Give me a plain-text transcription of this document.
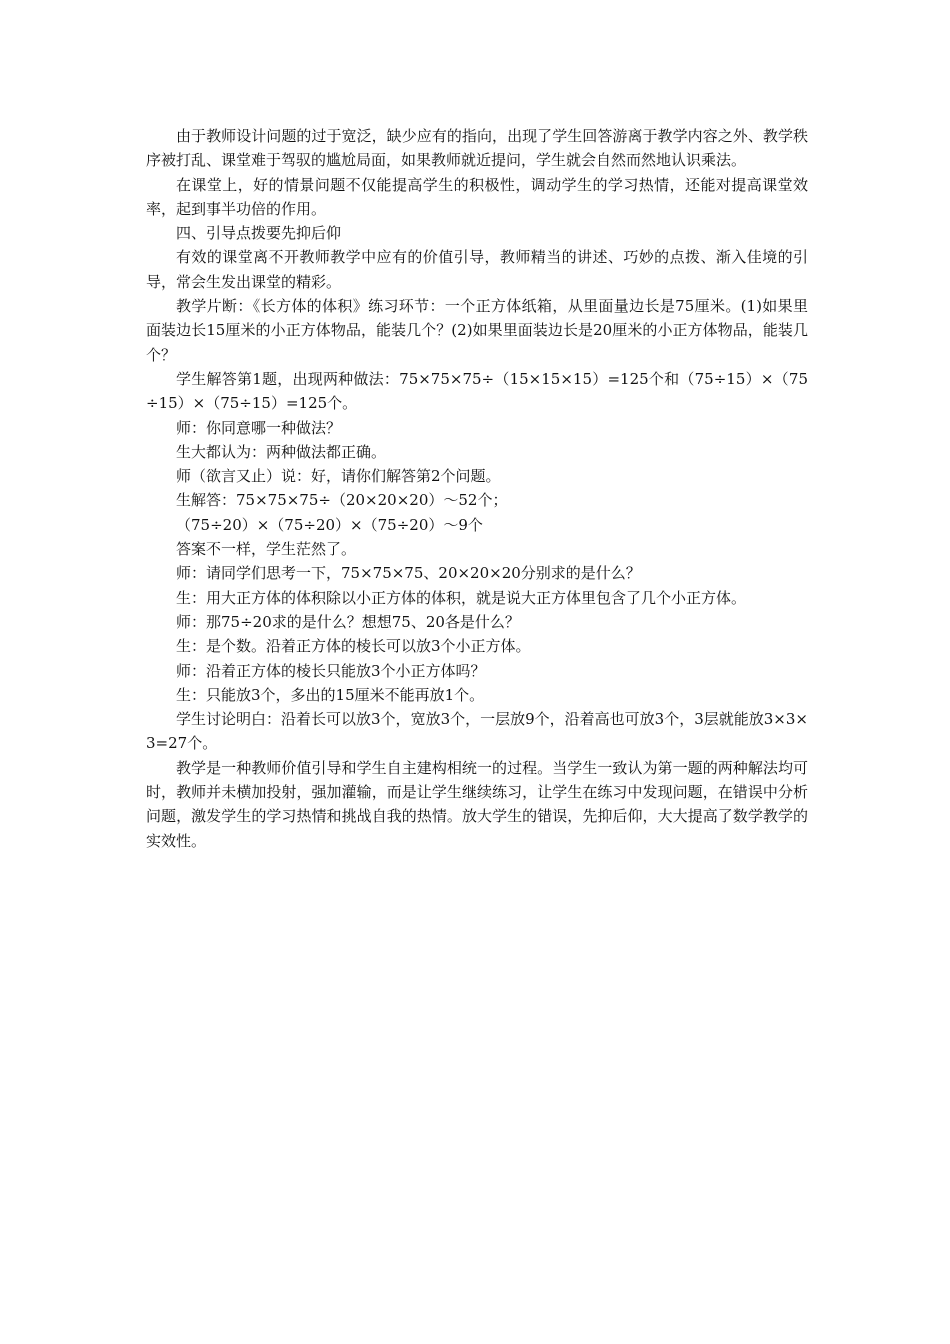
由于教师设计问题的过于宽泛，缺少应有的指向，出现了学生回答游离于教学内容之外、教学秩序被打乱、课堂难于驾驭的尴尬局面，如果教师就近提问，学生就会自然而然地认识乘法。

在课堂上，好的情景问题不仅能提高学生的积极性，调动学生的学习热情，还能对提高课堂效率，起到事半功倍的作用。

四、引导点拨要先抑后仰

有效的课堂离不开教师教学中应有的价值引导，教师精当的讲述、巧妙的点拨、渐入佳境的引导，常会生发出课堂的精彩。

教学片断：《长方体的体积》练习环节：一个正方体纸箱，从里面量边长是75厘米。(1)如果里面装边长15厘米的小正方体物品，能装几个？(2)如果里面装边长是20厘米的小正方体物品，能装几个？

学生解答第1题，出现两种做法：75×75×75÷（15×15×15）=125个和（75÷15）×（75÷15）×（75÷15）=125个。

师：你同意哪一种做法？

生大都认为：两种做法都正确。

师（欲言又止）说：好，请你们解答第2个问题。

生解答：75×75×75÷（20×20×20）～52个；

（75÷20）×（75÷20）×（75÷20）～9个

答案不一样，学生茫然了。

师：请同学们思考一下，75×75×75、20×20×20分别求的是什么？

生：用大正方体的体积除以小正方体的体积，就是说大正方体里包含了几个小正方体。

师：那75÷20求的是什么？想想75、20各是什么？

生：是个数。沿着正方体的棱长可以放3个小正方体。

师：沿着正方体的棱长只能放3个小正方体吗？

生：只能放3个，多出的15厘米不能再放1个。

学生讨论明白：沿着长可以放3个，宽放3个，一层放9个，沿着高也可放3个，3层就能放3×3×3=27个。

教学是一种教师价值引导和学生自主建构相统一的过程。当学生一致认为第一题的两种解法均可时，教师并未横加投射，强加灌输，而是让学生继续练习，让学生在练习中发现问题，在错误中分析问题，激发学生的学习热情和挑战自我的热情。放大学生的错误，先抑后仰，大大提高了数学教学的实效性。
